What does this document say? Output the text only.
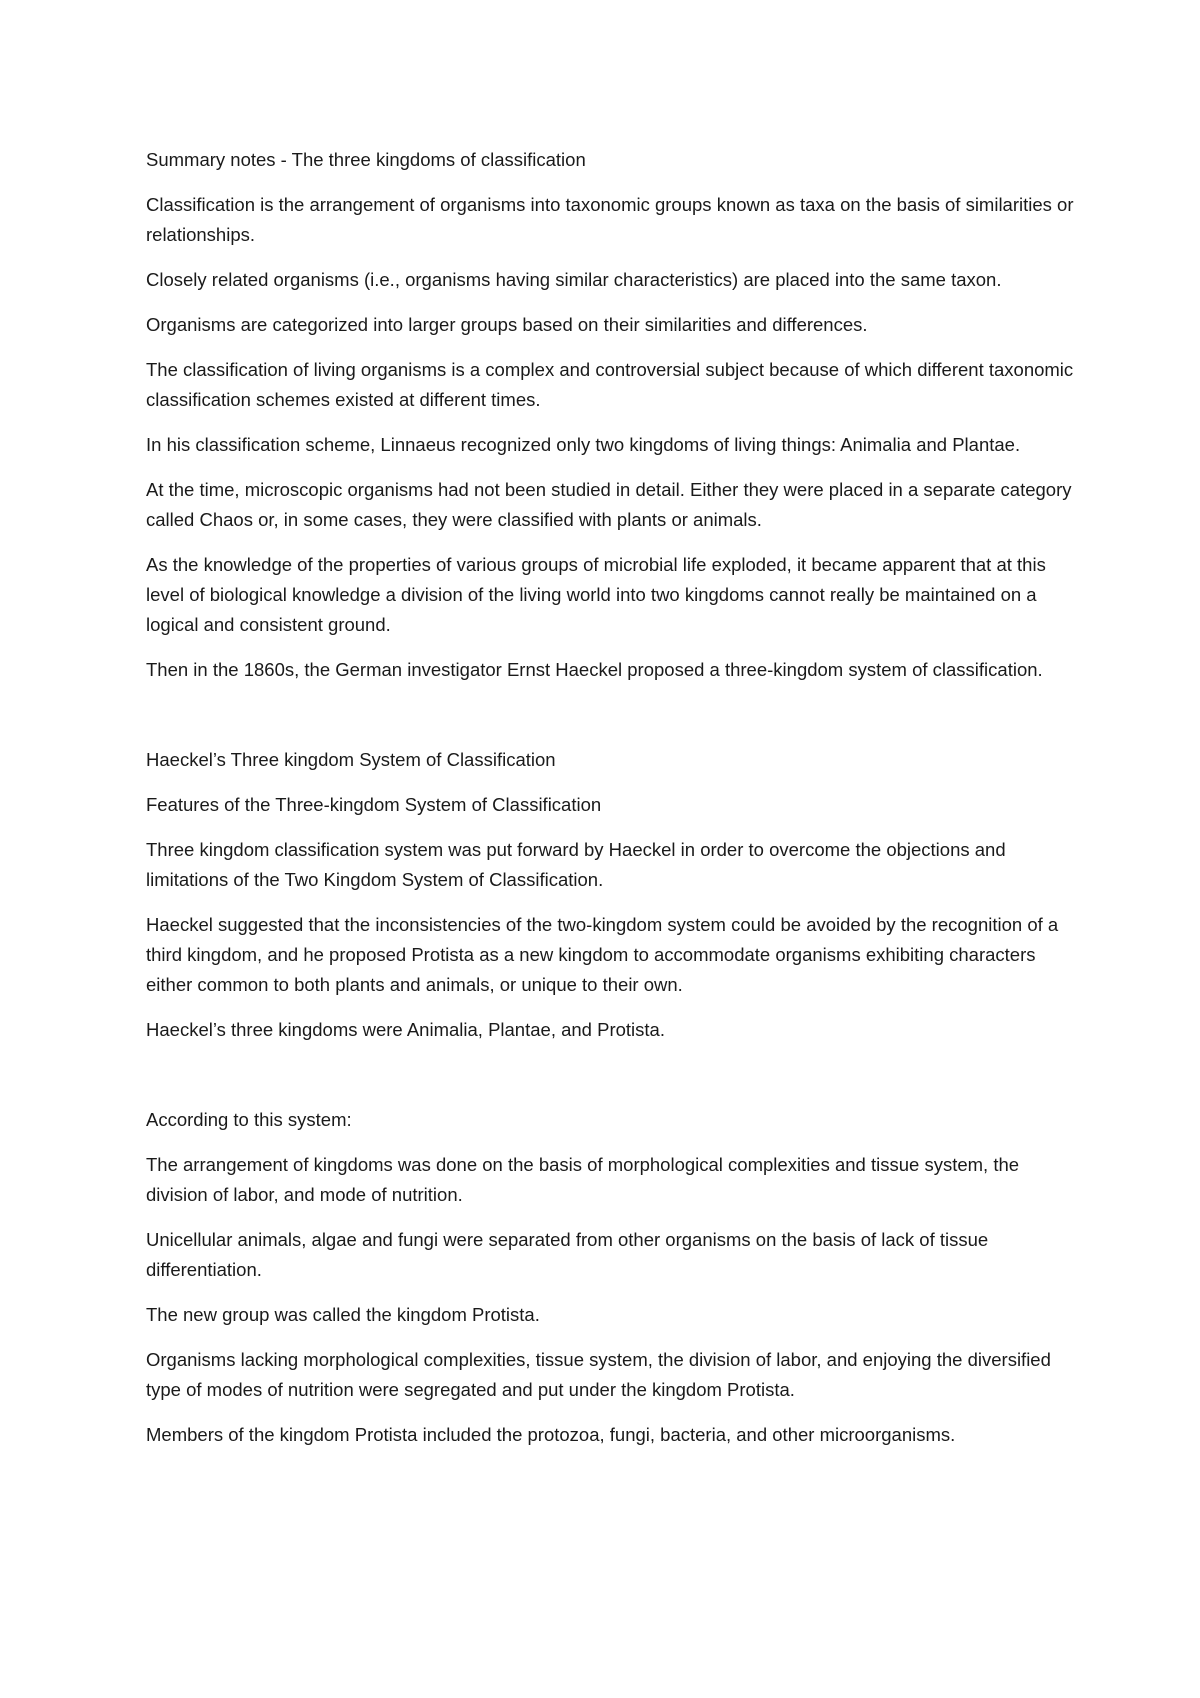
Summary notes - The three kingdoms of classification

Classification is the arrangement of organisms into taxonomic groups known as taxa on the basis of similarities or relationships.

Closely related organisms (i.e., organisms having similar characteristics) are placed into the same taxon.

Organisms are categorized into larger groups based on their similarities and differences.

The classification of living organisms is a complex and controversial subject because of which different taxonomic classification schemes existed at different times.

In his classification scheme, Linnaeus recognized only two kingdoms of living things: Animalia and Plantae.

At the time, microscopic organisms had not been studied in detail. Either they were placed in a separate category called Chaos or, in some cases, they were classified with plants or animals.

As the knowledge of the properties of various groups of microbial life exploded, it became apparent that at this level of biological knowledge a division of the living world into two kingdoms cannot really be maintained on a logical and consistent ground.

Then in the 1860s, the German investigator Ernst Haeckel proposed a three-kingdom system of classification.

Haeckel’s Three kingdom System of Classification

Features of the Three-kingdom System of Classification

Three kingdom classification system was put forward by Haeckel in order to overcome the objections and limitations of the Two Kingdom System of Classification.

Haeckel suggested that the inconsistencies of the two-kingdom system could be avoided by the recognition of a third kingdom, and he proposed Protista as a new kingdom to accommodate organisms exhibiting characters either common to both plants and animals, or unique to their own.

Haeckel’s three kingdoms were Animalia, Plantae, and Protista.

According to this system:

The arrangement of kingdoms was done on the basis of morphological complexities and tissue system, the division of labor, and mode of nutrition.

Unicellular animals, algae and fungi were separated from other organisms on the basis of lack of tissue differentiation.

The new group was called the kingdom Protista.

Organisms lacking morphological complexities, tissue system, the division of labor, and enjoying the diversified type of modes of nutrition were segregated and put under the kingdom Protista.

Members of the kingdom Protista included the protozoa, fungi, bacteria, and other microorganisms.
